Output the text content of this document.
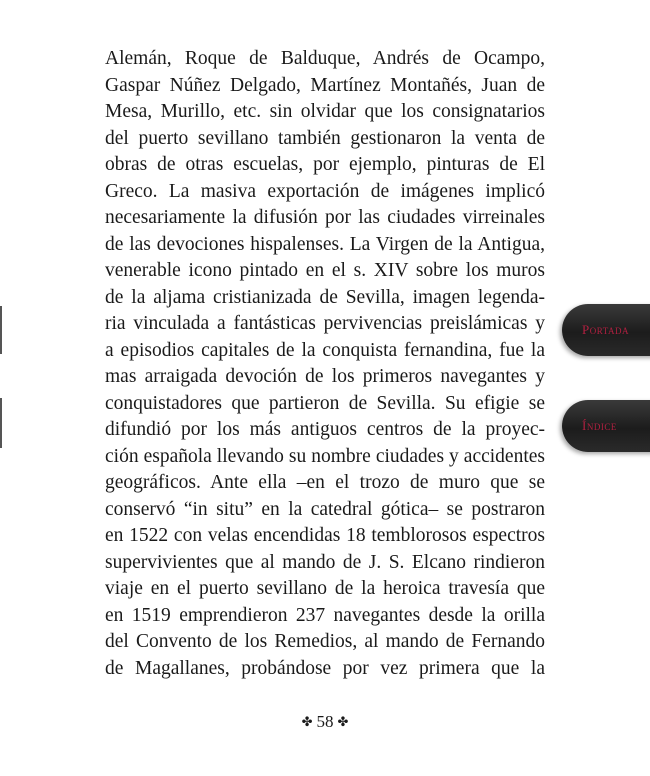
Alemán, Roque de Balduque, Andrés de Ocampo,
Gaspar Núñez Delgado, Martínez Montañés, Juan de
Mesa, Murillo, etc. sin olvidar que los consignatarios
del puerto sevillano también gestionaron la venta de
obras de otras escuelas, por ejemplo, pinturas de El
Greco. La masiva exportación de imágenes implicó
necesariamente la difusión por las ciudades virreinales
de las devociones hispalenses. La Virgen de la Antigua,
venerable icono pintado en el s. XIV sobre los muros
de la aljama cristianizada de Sevilla, imagen legenda-
ria vinculada a fantásticas pervivencias preislámicas y
a episodios capitales de la conquista fernandina, fue la
mas arraigada devoción de los primeros navegantes y
conquistadores que partieron de Sevilla. Su efigie se
difundió por los más antiguos centros de la proyec-
ción española llevando su nombre ciudades y accidentes
geográficos. Ante ella –en el trozo de muro que se
conservó “in situ” en la catedral gótica– se postraron
en 1522 con velas encendidas 18 temblorosos espectros
supervivientes que al mando de J. S. Elcano rindieron
viaje en el puerto sevillano de la heroica travesía que
en 1519 emprendieron 237 navegantes desde la orilla
del Convento de los Remedios, al mando de Fernando
de Magallanes, probándose por vez primera que la
Portada
Índice
✤ 58 ✤
